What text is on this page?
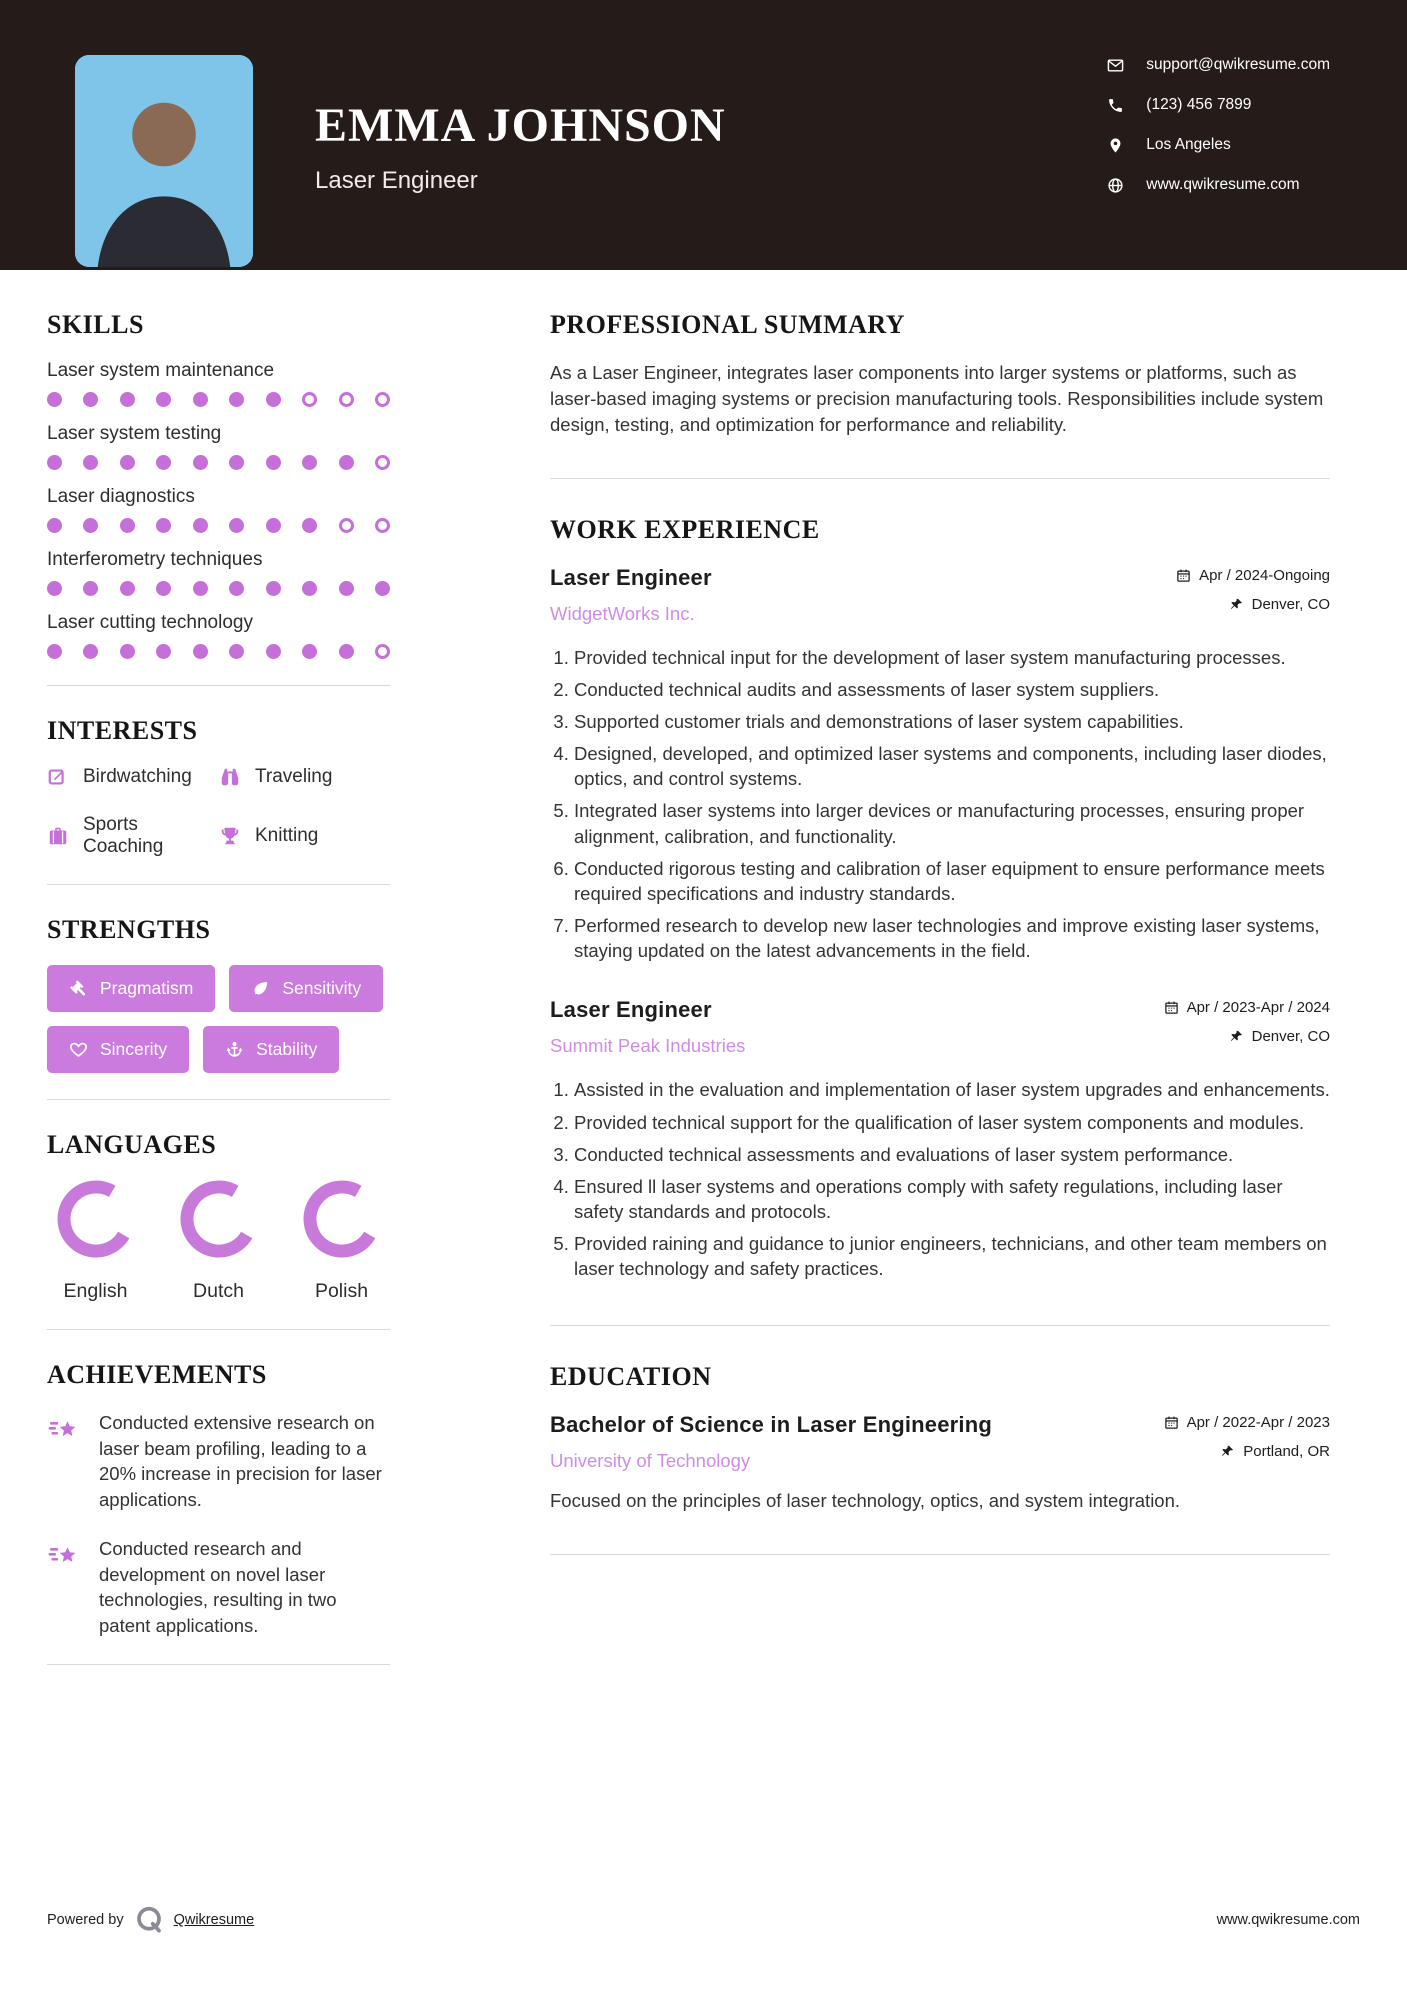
EMMA JOHNSON
Laser Engineer
support@qwikresume.com
(123) 456 7899
Los Angeles
www.qwikresume.com
SKILLS
Laser system maintenance
Laser system testing
Laser diagnostics
Interferometry techniques
Laser cutting technology
INTERESTS
Birdwatching	Traveling
Sports Coaching
Knitting
STRENGTHS
Pragmatism	Sensitivity
Sincerity	Stability
LANGUAGES
English	Dutch	Polish
ACHIEVEMENTS
Conducted extensive research on laser beam profiling, leading to a 20% increase in precision for laser applications.
Conducted research and development on novel laser technologies, resulting in two patent applications.
PROFESSIONAL SUMMARY

As a Laser Engineer, integrates laser components into larger systems or platforms, such as laser-based imaging systems or precision manufacturing tools. Responsibilities include system design, testing, and optimization for performance and reliability.

WORK EXPERIENCE
Laser Engineer
WidgetWorks Inc.
Apr / 2024-Ongoing
Denver, CO
1. Provided technical input for the development of laser system manufacturing processes.
2. Conducted technical audits and assessments of laser system suppliers.
3. Supported customer trials and demonstrations of laser system capabilities.
4. Designed, developed, and optimized laser systems and components, including laser diodes, optics, and control systems.
5. Integrated laser systems into larger devices or manufacturing processes, ensuring proper alignment, calibration, and functionality.
6. Conducted rigorous testing and calibration of laser equipment to ensure performance meets required specifications and industry standards.
7. Performed research to develop new laser technologies and improve existing laser systems, staying updated on the latest advancements in the field.
Laser Engineer
Summit Peak Industries
Apr / 2023-Apr / 2024
Denver, CO
1. Assisted in the evaluation and implementation of laser system upgrades and enhancements.
2. Provided technical support for the qualification of laser system components and modules.
3. Conducted technical assessments and evaluations of laser system performance.
4. Ensured ll laser systems and operations comply with safety regulations, including laser safety standards and protocols.
5. Provided raining and guidance to junior engineers, technicians, and other team members on laser technology and safety practices.
EDUCATION
Bachelor of Science in Laser Engineering
University of Technology
Apr / 2022-Apr / 2023
Portland, OR

Focused on the principles of laser technology, optics, and system integration.

Powered by	Qwikresume	www.qwikresume.com
